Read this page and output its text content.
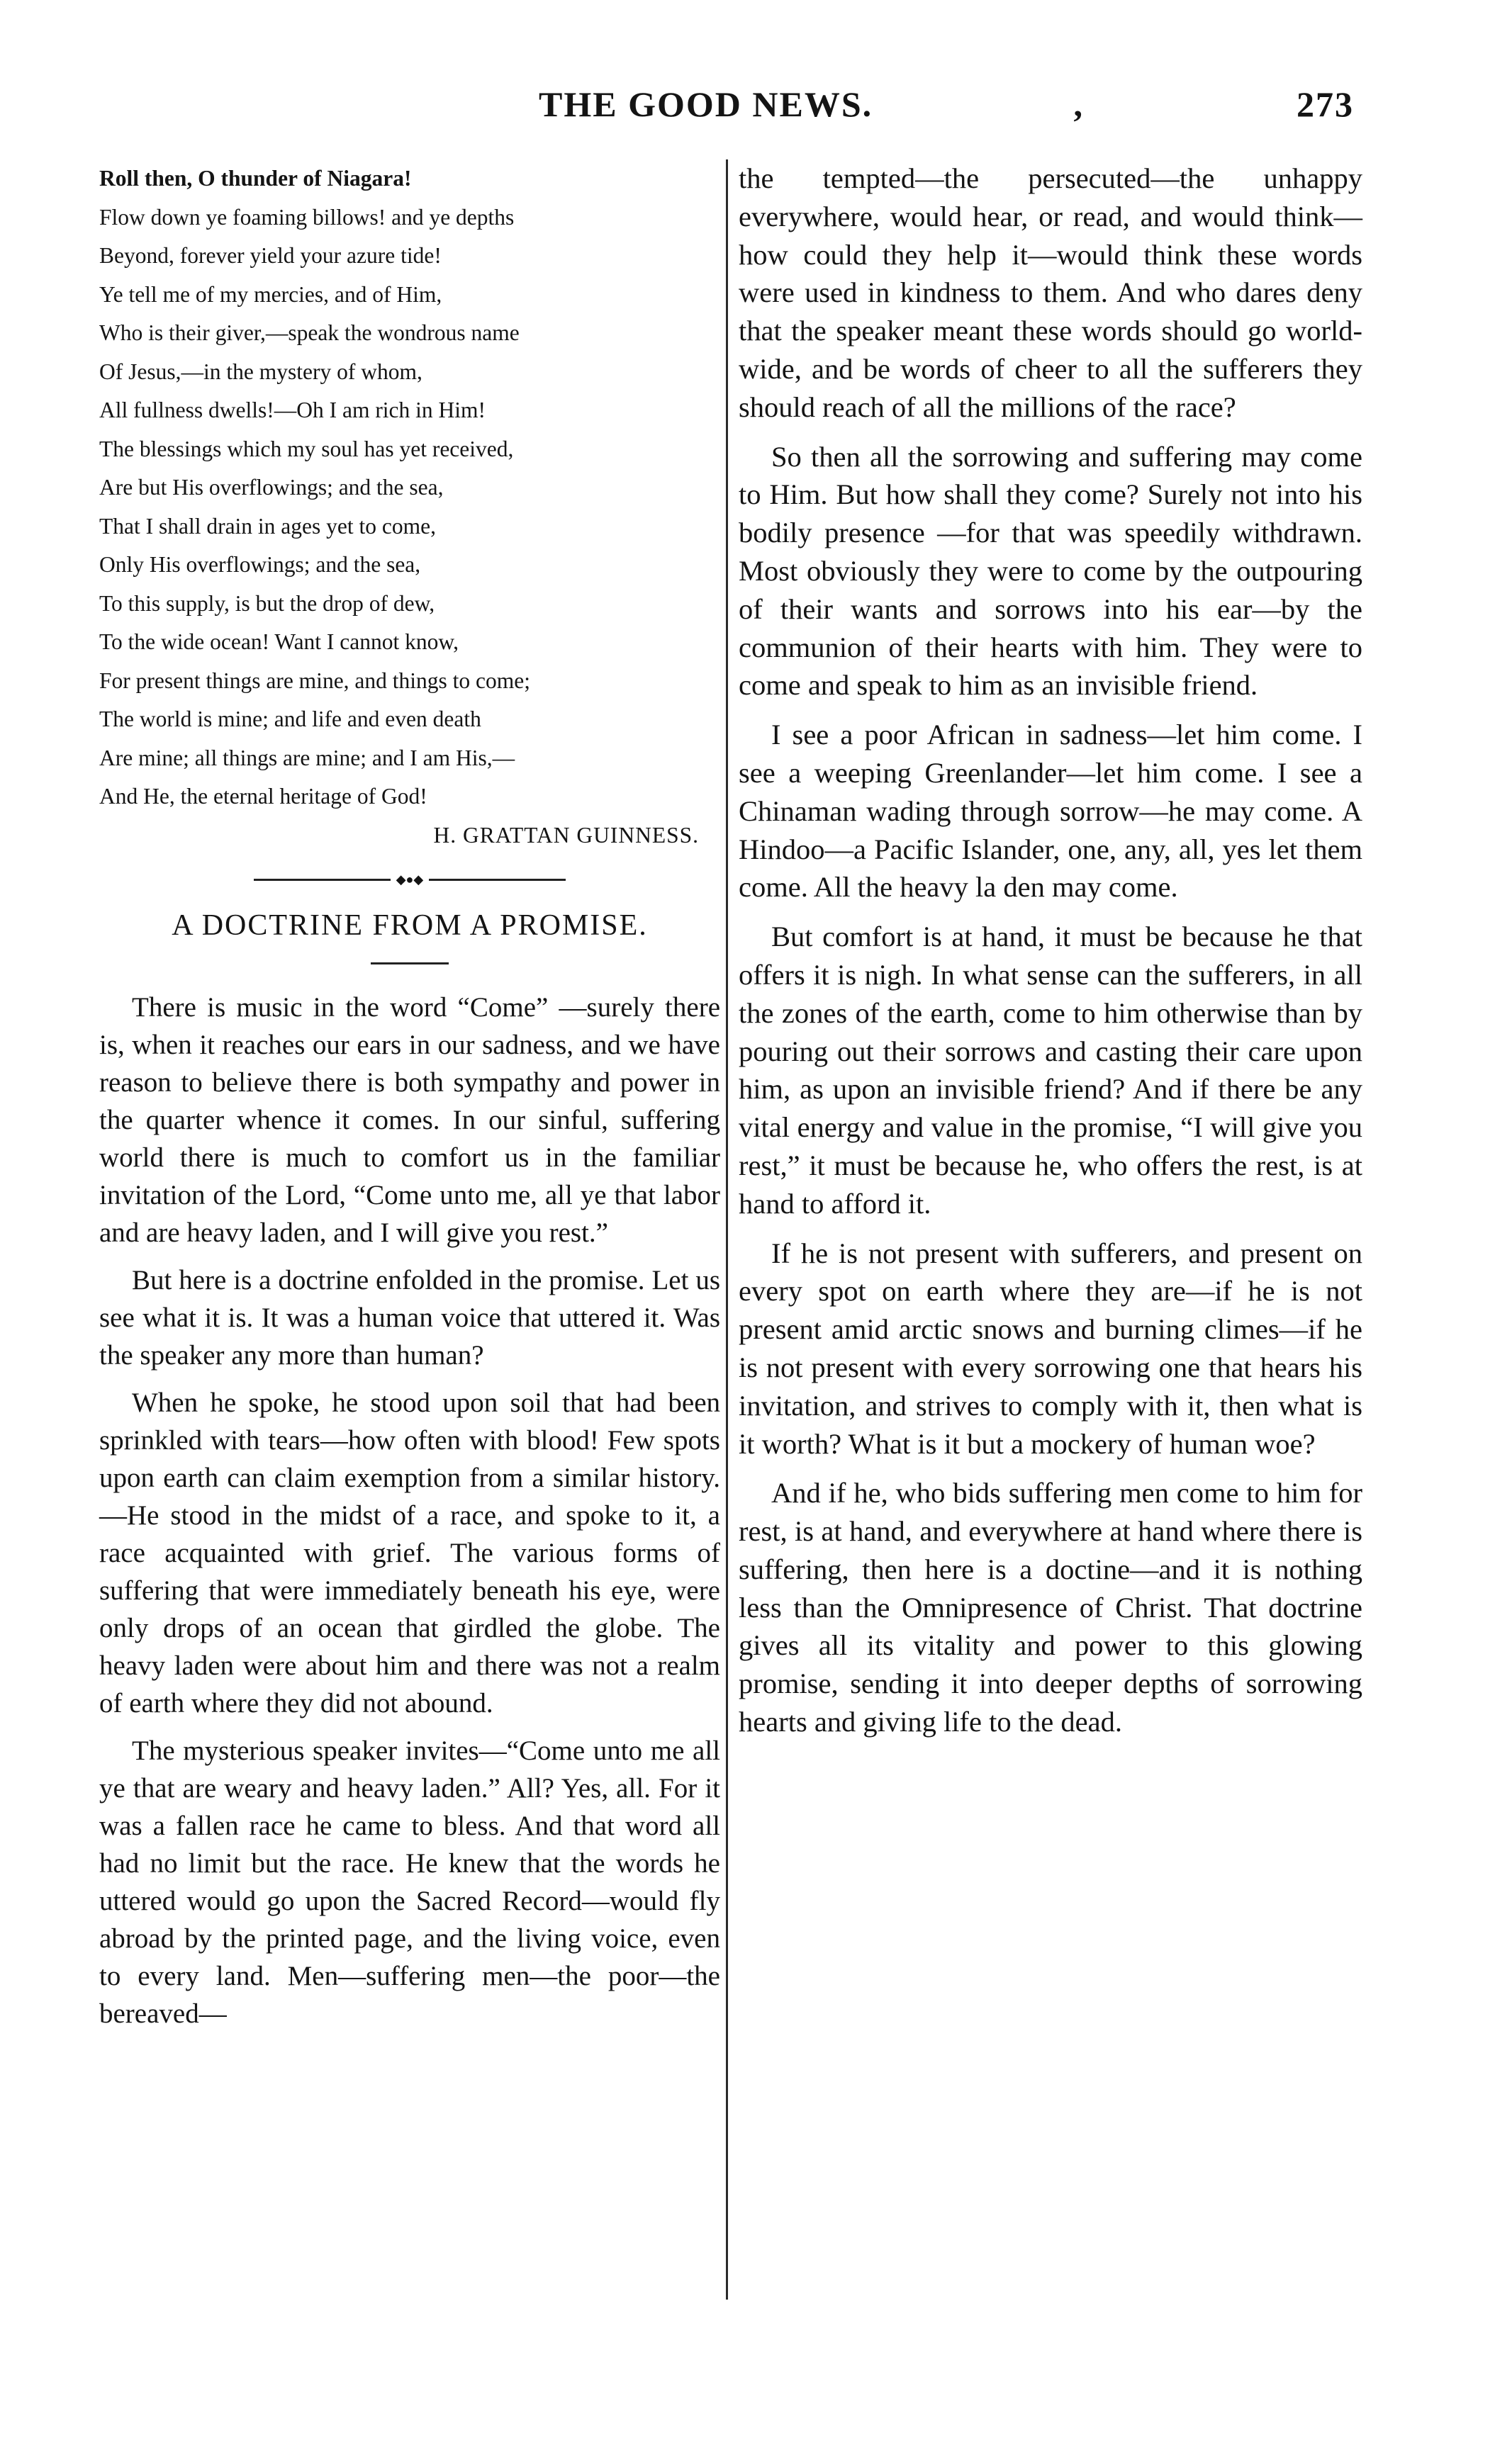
THE GOOD NEWS.	,	273
Roll then, O thunder of Niagara!
Flow down ye foaming billows! and ye depths
Beyond, forever yield your azure tide!
Ye tell me of my mercies, and of Him,
Who is their giver,—speak the wondrous name
Of Jesus,—in the mystery of whom,
All fullness dwells!—Oh I am rich in Him!
The blessings which my soul has yet received,
Are but His overflowings; and the sea,
That I shall drain in ages yet to come,
Only His overflowings; and the sea,
To this supply, is but the drop of dew,
To the wide ocean! Want I cannot know,
For present things are mine, and things to come;
The world is mine; and life and even death
Are mine; all things are mine; and I am His,—
And He, the eternal heritage of God!
H. GRATTAN GUINNESS.
◆●◆
A DOCTRINE FROM A PROMISE.

There is music in the word “Come” —surely there is, when it reaches our ears in our sadness, and we have reason to believe there is both sympathy and power in the quarter whence it comes. In our sinful, suffering world there is much to comfort us in the familiar invitation of the Lord, “Come unto me, all ye that labor and are heavy laden, and I will give you rest.”

But here is a doctrine enfolded in the promise. Let us see what it is. It was a human voice that uttered it. Was the speaker any more than human?

When he spoke, he stood upon soil that had been sprinkled with tears—how often with blood! Few spots upon earth can claim exemption from a similar history.—He stood in the midst of a race, and spoke to it, a race acquainted with grief. The various forms of suffering that were immediately beneath his eye, were only drops of an ocean that girdled the globe. The heavy laden were about him and there was not a realm of earth where they did not abound.

The mysterious speaker invites—“Come unto me all ye that are weary and heavy laden.” All? Yes, all. For it was a fallen race he came to bless. And that word all had no limit but the race. He knew that the words he uttered would go upon the Sacred Record—would fly abroad by the printed page, and the living voice, even to every land. Men—suffering men—the poor—the bereaved—

the tempted—the persecuted—the unhappy everywhere, would hear, or read, and would think—how could they help it—would think these words were used in kindness to them. And who dares deny that the speaker meant these words should go world-wide, and be words of cheer to all the sufferers they should reach of all the millions of the race?

So then all the sorrowing and suffering may come to Him. But how shall they come? Surely not into his bodily presence —for that was speedily withdrawn. Most obviously they were to come by the outpouring of their wants and sorrows into his ear—by the communion of their hearts with him. They were to come and speak to him as an invisible friend.

I see a poor African in sadness—let him come. I see a weeping Greenlander—let him come. I see a Chinaman wading through sorrow—he may come. A Hindoo—a Pacific Islander, one, any, all, yes let them come. All the heavy la den may come.

But comfort is at hand, it must be because he that offers it is nigh. In what sense can the sufferers, in all the zones of the earth, come to him otherwise than by pouring out their sorrows and casting their care upon him, as upon an invisible friend? And if there be any vital energy and value in the promise, “I will give you rest,” it must be because he, who offers the rest, is at hand to afford it.

If he is not present with sufferers, and present on every spot on earth where they are—if he is not present amid arctic snows and burning climes—if he is not present with every sorrowing one that hears his invitation, and strives to comply with it, then what is it worth? What is it but a mockery of human woe?

And if he, who bids suffering men come to him for rest, is at hand, and everywhere at hand where there is suffering, then here is a doctine—and it is nothing less than the Omnipresence of Christ. That doctrine gives all its vitality and power to this glowing promise, sending it into deeper depths of sorrowing hearts and giving life to the dead.
